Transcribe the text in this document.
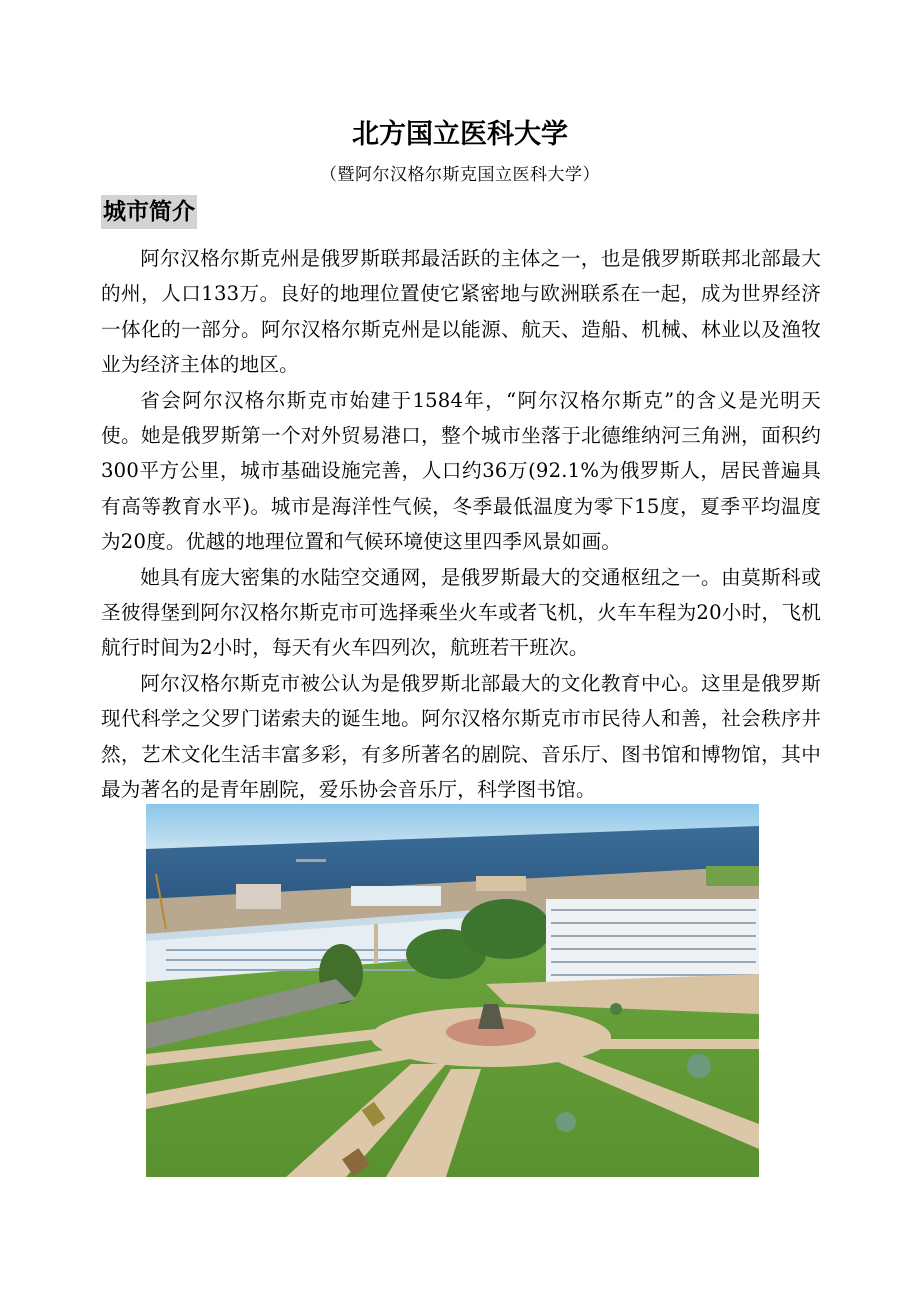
北方国立医科大学
（暨阿尔汉格尔斯克国立医科大学）
城市简介

阿尔汉格尔斯克州是俄罗斯联邦最活跃的主体之一，也是俄罗斯联邦北部最大的州，人口133万。良好的地理位置使它紧密地与欧洲联系在一起，成为世界经济一体化的一部分。阿尔汉格尔斯克州是以能源、航天、造船、机械、林业以及渔牧业为经济主体的地区。

省会阿尔汉格尔斯克市始建于1584年，“阿尔汉格尔斯克”的含义是光明天使。她是俄罗斯第一个对外贸易港口，整个城市坐落于北德维纳河三角洲，面积约300平方公里，城市基础设施完善，人口约36万(92.1%为俄罗斯人，居民普遍具有高等教育水平)。城市是海洋性气候，冬季最低温度为零下15度，夏季平均温度为20度。优越的地理位置和气候环境使这里四季风景如画。

她具有庞大密集的水陆空交通网，是俄罗斯最大的交通枢纽之一。由莫斯科或圣彼得堡到阿尔汉格尔斯克市可选择乘坐火车或者飞机，火车车程为20小时，飞机航行时间为2小时，每天有火车四列次，航班若干班次。

阿尔汉格尔斯克市被公认为是俄罗斯北部最大的文化教育中心。这里是俄罗斯现代科学之父罗门诺索夫的诞生地。阿尔汉格尔斯克市市民待人和善，社会秩序井然，艺术文化生活丰富多彩，有多所著名的剧院、音乐厅、图书馆和博物馆，其中最为著名的是青年剧院，爱乐协会音乐厅，科学图书馆。
